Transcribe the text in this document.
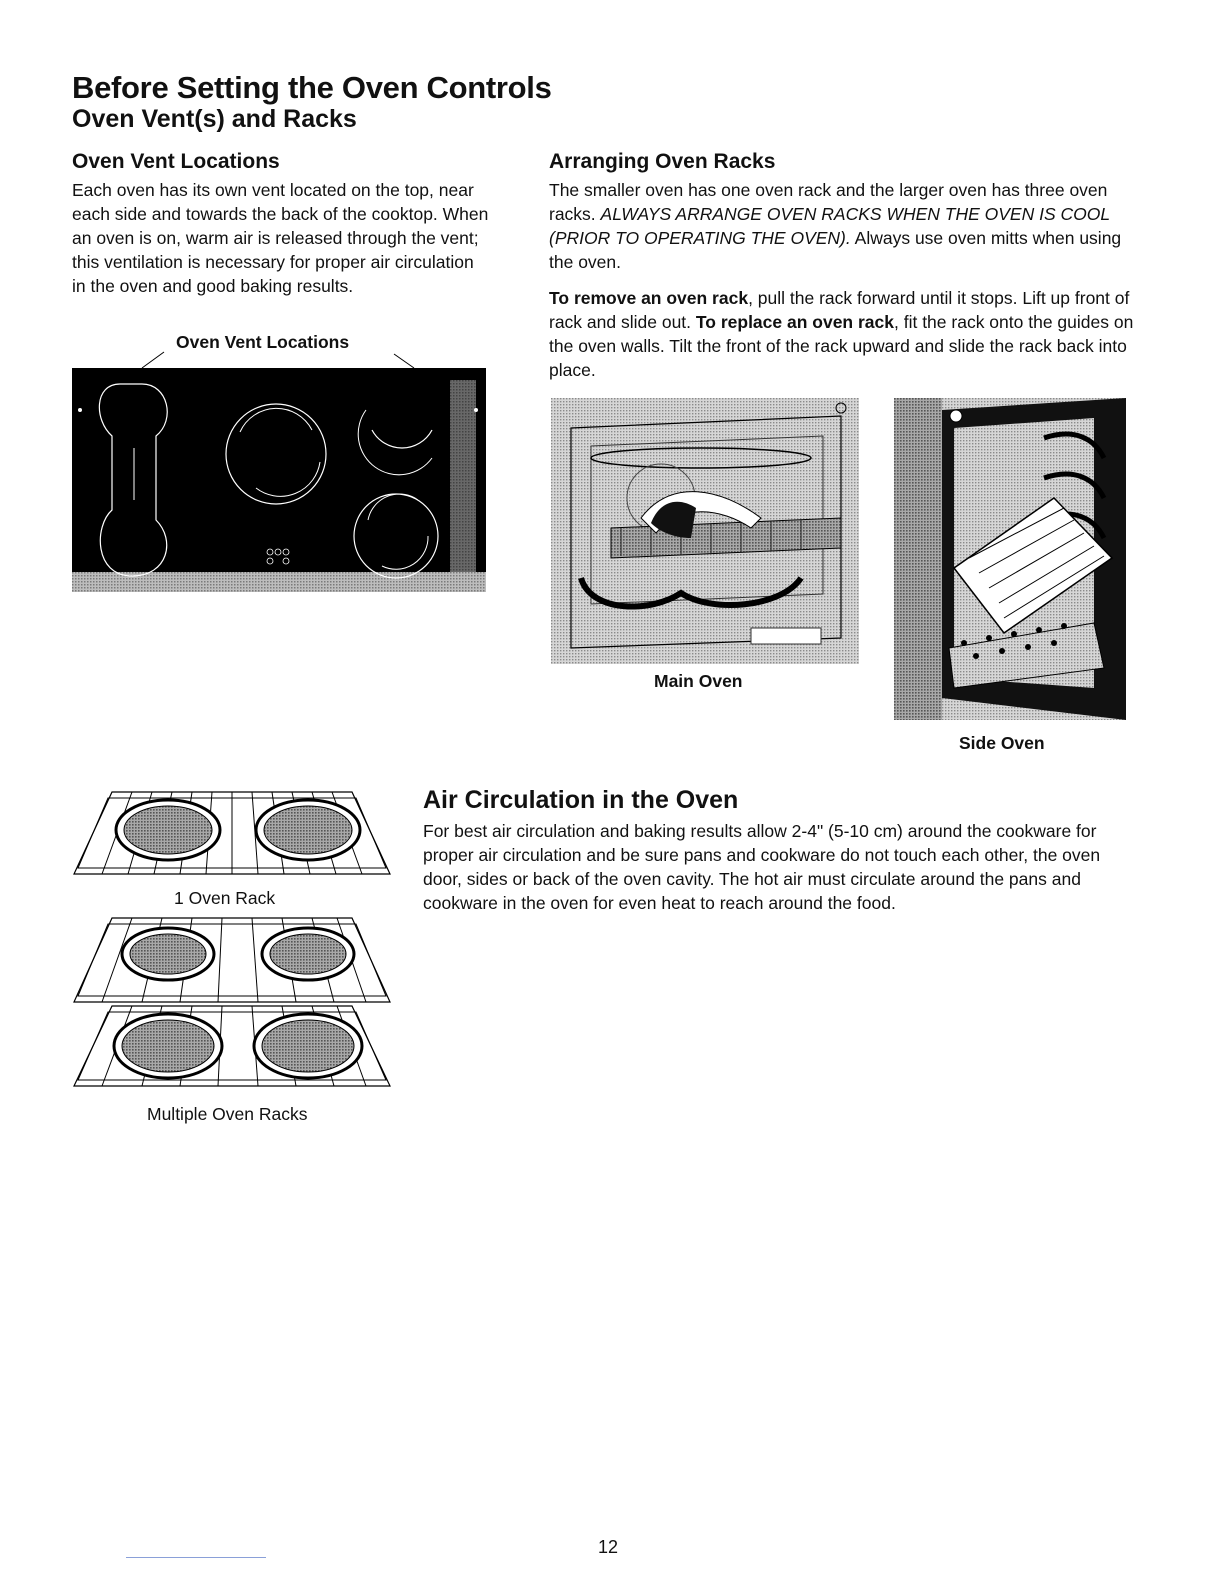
Before Setting the Oven Controls
Oven Vent(s) and Racks
Oven Vent Locations

Each oven has its own vent located on the top, near each side and towards the back of the cooktop. When an oven is on, warm air is released through the vent; this ventilation is necessary for proper air circulation in the oven and good baking results.

Oven Vent Locations
Arranging Oven Racks

The smaller oven has one oven rack and the larger oven has three oven racks. ALWAYS ARRANGE OVEN RACKS WHEN THE OVEN IS COOL (PRIOR TO OPERATING THE OVEN). Always use oven mitts when using the oven.

To remove an oven rack, pull the rack forward until it stops. Lift up front of rack and slide out. To replace an oven rack, fit the rack onto the guides on the oven walls. Tilt the front of the rack upward and slide the rack back into place.

Main Oven
Side Oven
1 Oven Rack
Multiple Oven Racks
Air Circulation in the Oven

For best air circulation and baking results allow 2-4" (5-10 cm) around the cookware for proper air circulation and be sure pans and cookware do not touch each other, the oven door, sides or back of the oven cavity. The hot air must circulate around the pans and cookware in the oven for even heat to reach around the food.

12
